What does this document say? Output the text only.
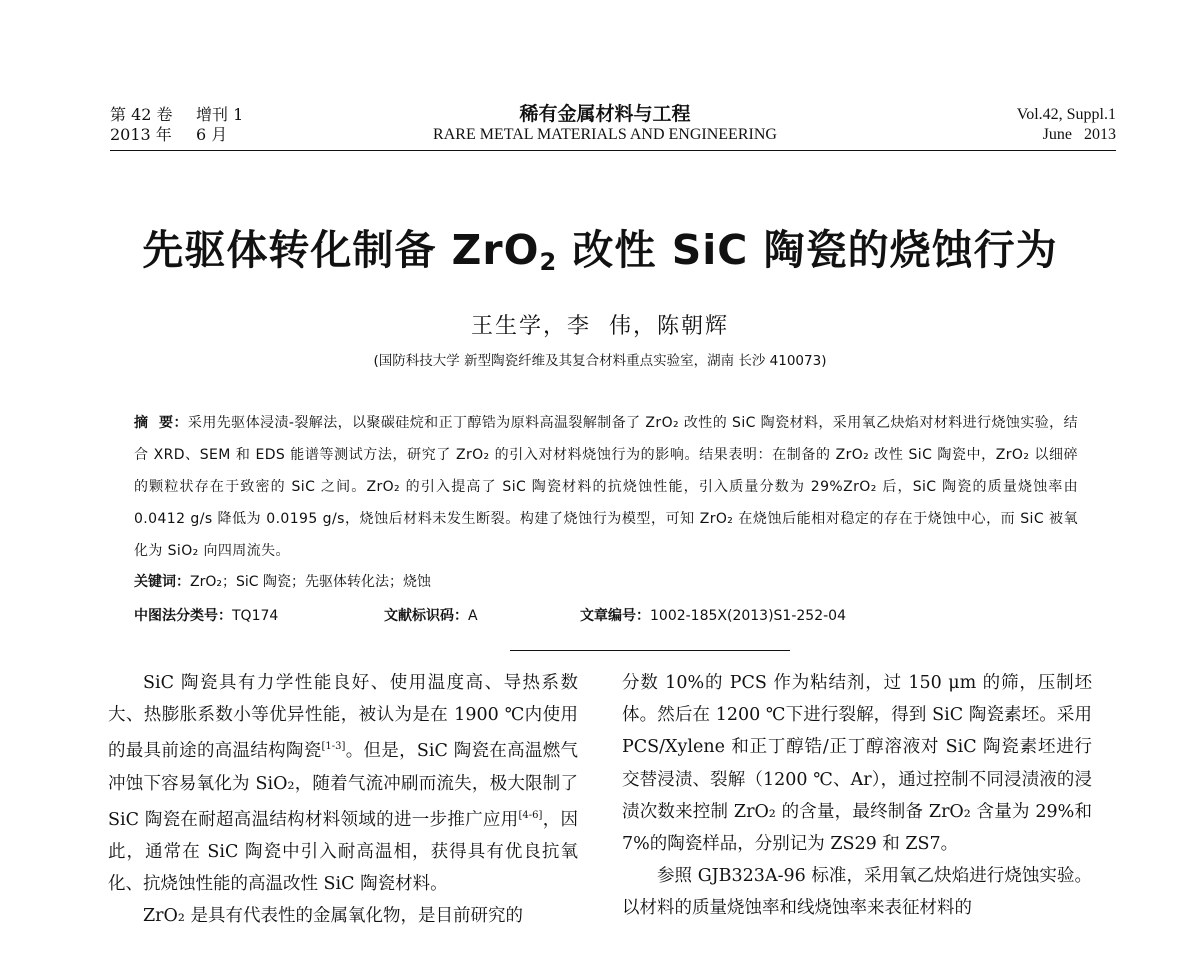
第 42 卷 增刊 1
2013 年 6 月
稀有金属材料与工程
RARE METAL MATERIALS AND ENGINEERING
Vol.42, Suppl.1
June   2013
先驱体转化制备 ZrO$_2$ 改性 SiC 陶瓷的烧蚀行为
王生学，李  伟，陈朝辉
(国防科技大学 新型陶瓷纤维及其复合材料重点实验室，湖南 长沙 410073)
摘  要：采用先驱体浸渍-裂解法，以聚碳硅烷和正丁醇锆为原料高温裂解制备了 ZrO₂ 改性的 SiC 陶瓷材料，采用氧乙炔焰对材料进行烧蚀实验，结合 XRD、SEM 和 EDS 能谱等测试方法，研究了 ZrO₂ 的引入对材料烧蚀行为的影响。结果表明：在制备的 ZrO₂ 改性 SiC 陶瓷中，ZrO₂ 以细碎的颗粒状存在于致密的 SiC 之间。ZrO₂ 的引入提高了 SiC 陶瓷材料的抗烧蚀性能，引入质量分数为 29%ZrO₂ 后，SiC 陶瓷的质量烧蚀率由 0.0412 g/s 降低为 0.0195 g/s，烧蚀后材料未发生断裂。构建了烧蚀行为模型，可知 ZrO₂ 在烧蚀后能相对稳定的存在于烧蚀中心，而 SiC 被氧化为 SiO₂ 向四周流失。
关键词：ZrO₂；SiC 陶瓷；先驱体转化法；烧蚀
中图法分类号：TQ174	文献标识码：A	文章编号：1002-185X(2013)S1-252-04

SiC 陶瓷具有力学性能良好、使用温度高、导热系数大、热膨胀系数小等优异性能，被认为是在 1900 ℃内使用的最具前途的高温结构陶瓷[1-3]。但是，SiC 陶瓷在高温燃气冲蚀下容易氧化为 SiO₂，随着气流冲刷而流失，极大限制了 SiC 陶瓷在耐超高温结构材料领域的进一步推广应用[4-6]，因此，通常在 SiC 陶瓷中引入耐高温相，获得具有优良抗氧化、抗烧蚀性能的高温改性 SiC 陶瓷材料。

ZrO₂ 是具有代表性的金属氧化物，是目前研究的

分数 10%的 PCS 作为粘结剂，过 150 μm 的筛，压制坯体。然后在 1200 ℃下进行裂解，得到 SiC 陶瓷素坯。采用 PCS/Xylene 和正丁醇锆/正丁醇溶液对 SiC 陶瓷素坯进行交替浸渍、裂解（1200 ℃、Ar），通过控制不同浸渍液的浸渍次数来控制 ZrO₂ 的含量，最终制备 ZrO₂ 含量为 29%和 7%的陶瓷样品，分别记为 ZS29 和 ZS7。

参照 GJB323A-96 标准，采用氧乙炔焰进行烧蚀实验。以材料的质量烧蚀率和线烧蚀率来表征材料的
